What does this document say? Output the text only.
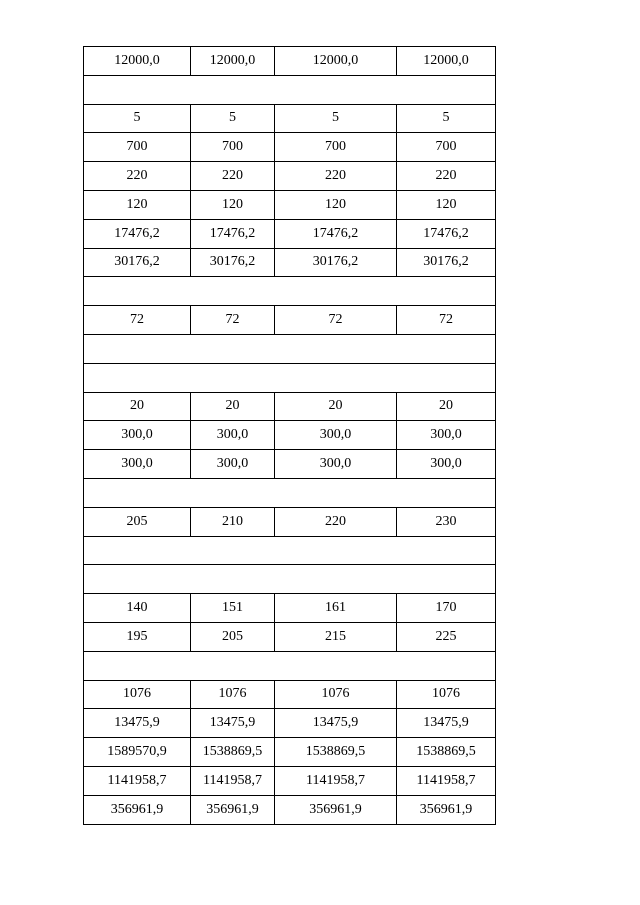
12000,0	12000,0	12000,0	12000,0

5	5	5	5
700	700	700	700
220	220	220	220
120	120	120	120
17476,2	17476,2	17476,2	17476,2
30176,2	30176,2	30176,2	30176,2

72	72	72	72

20	20	20	20
300,0	300,0	300,0	300,0
300,0	300,0	300,0	300,0

205	210	220	230

140	151	161	170
195	205	215	225

1076	1076	1076	1076
13475,9	13475,9	13475,9	13475,9
1589570,9	1538869,5	1538869,5	1538869,5
1141958,7	1141958,7	1141958,7	1141958,7
356961,9	356961,9	356961,9	356961,9
